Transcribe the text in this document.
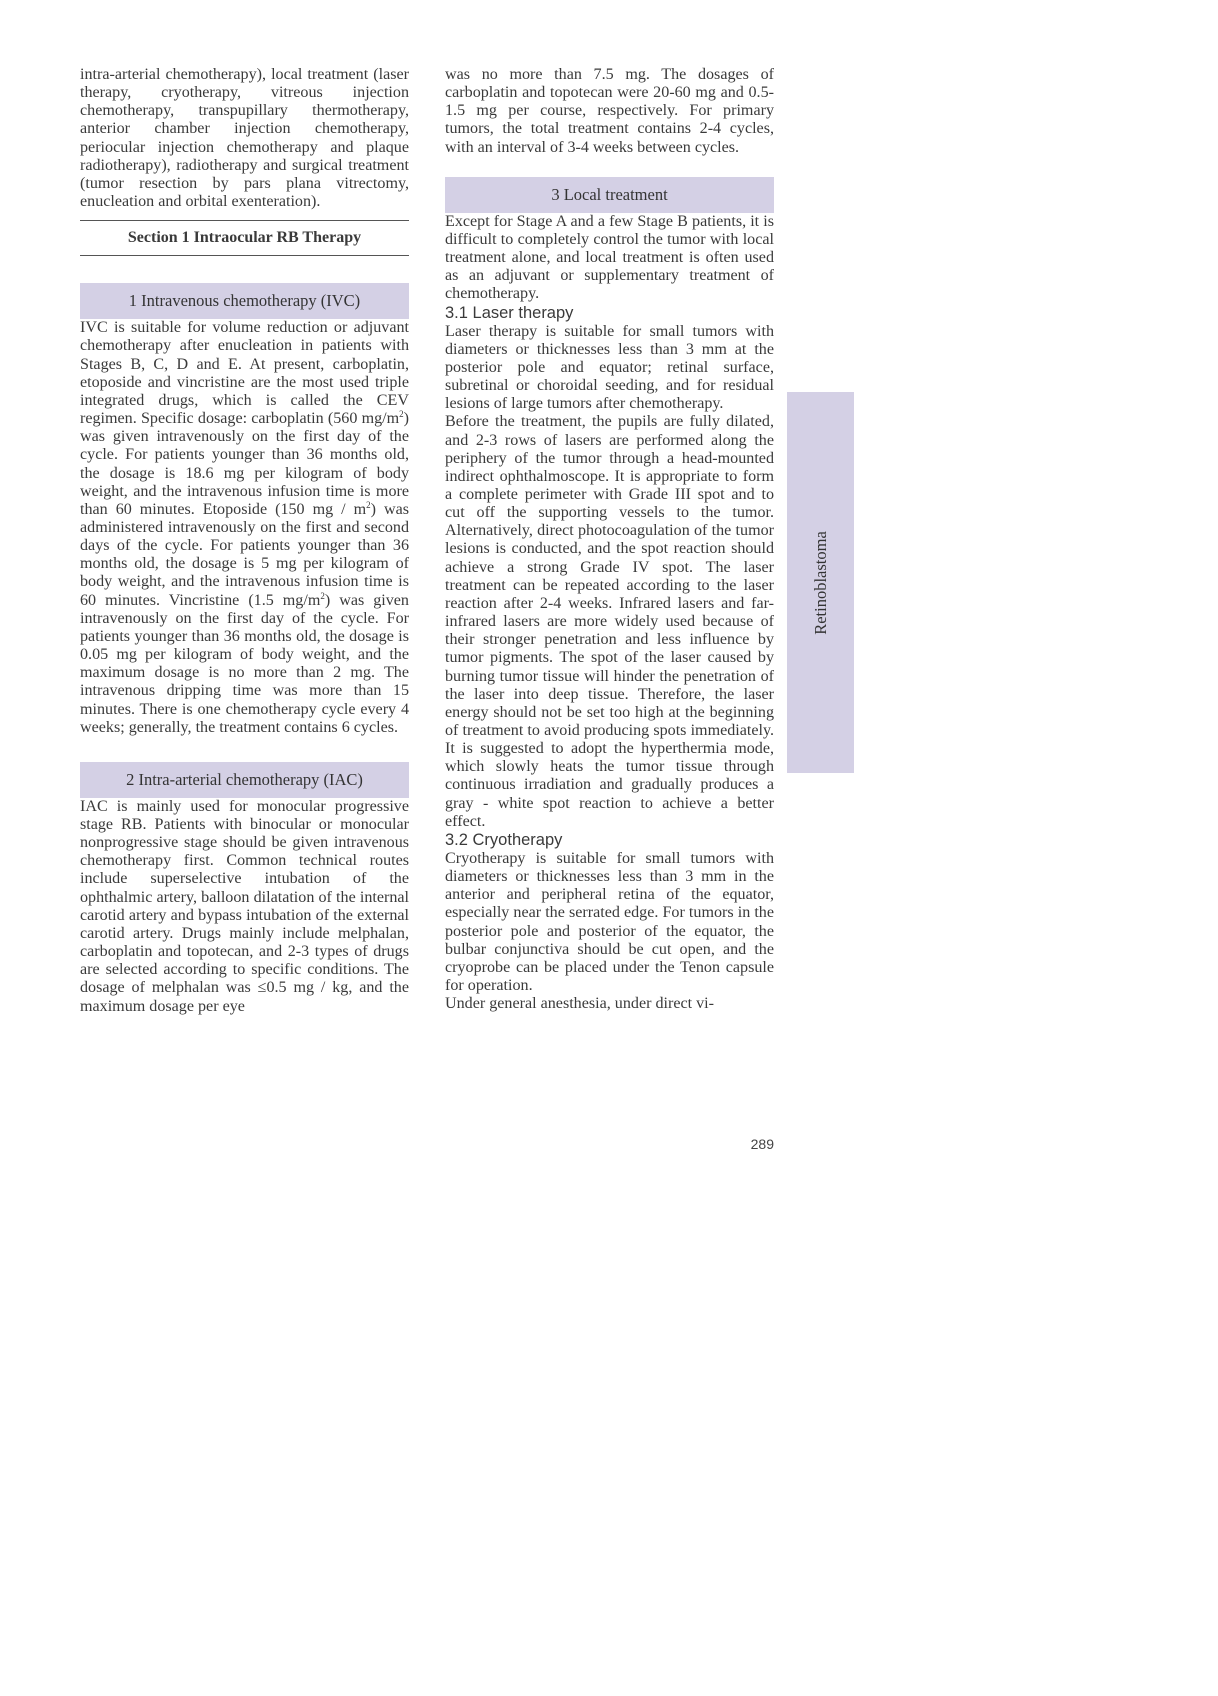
intra-arterial chemotherapy), local treatment (laser therapy, cryotherapy, vitreous injection chemotherapy, transpupillary thermotherapy, anterior chamber injection chemotherapy, periocular injection chemotherapy and plaque radiotherapy), radiotherapy and surgical treatment (tumor resection by pars plana vitrectomy, enucleation and orbital exenteration).

Section 1 Intraocular RB Therapy
1 Intravenous chemotherapy (IVC)

IVC is suitable for volume reduction or adjuvant chemotherapy after enucleation in patients with Stages B, C, D and E. At present, carboplatin, etoposide and vincristine are the most used triple integrated drugs, which is called the CEV regimen. Specific dosage: carboplatin (560 $mg/m^2$) was given intravenously on the first day of the cycle. For patients younger than 36 months old, the dosage is 18.6 mg per kilogram of body weight, and the intravenous infusion time is more than 60 minutes. Etoposide (150 mg / $m^2$) was administered intravenously on the first and second days of the cycle. For patients younger than 36 months old, the dosage is 5 mg per kilogram of body weight, and the intravenous infusion time is 60 minutes. Vincristine (1.5 $mg/m^2$) was given intravenously on the first day of the cycle. For patients younger than 36 months old, the dosage is 0.05 mg per kilogram of body weight, and the maximum dosage is no more than 2 mg. The intravenous dripping time was more than 15 minutes. There is one chemotherapy cycle every 4 weeks; generally, the treatment contains 6 cycles.

2 Intra-arterial chemotherapy (IAC)

IAC is mainly used for monocular progressive stage RB. Patients with binocular or monocular nonprogressive stage should be given intravenous chemotherapy first. Common technical routes include superselective intubation of the ophthalmic artery, balloon dilatation of the internal carotid artery and bypass intubation of the external carotid artery. Drugs mainly include melphalan, carboplatin and topotecan, and 2-3 types of drugs are selected according to specific conditions. The dosage of melphalan was ≤0.5 mg / kg, and the maximum dosage per eye

was no more than 7.5 mg. The dosages of carboplatin and topotecan were 20-60 mg and 0.5-1.5 mg per course, respectively. For primary tumors, the total treatment contains 2-4 cycles, with an interval of 3-4 weeks between cycles.

3 Local treatment

Except for Stage A and a few Stage B patients, it is difficult to completely control the tumor with local treatment alone, and local treatment is often used as an adjuvant or supplementary treatment of chemotherapy.

3.1 Laser therapy

Laser therapy is suitable for small tumors with diameters or thicknesses less than 3 mm at the posterior pole and equator; retinal surface, subretinal or choroidal seeding, and for residual lesions of large tumors after chemotherapy.

Before the treatment, the pupils are fully dilated, and 2-3 rows of lasers are performed along the periphery of the tumor through a head-mounted indirect ophthalmoscope. It is appropriate to form a complete perimeter with Grade III spot and to cut off the supporting vessels to the tumor. Alternatively, direct photocoagulation of the tumor lesions is conducted, and the spot reaction should achieve a strong Grade IV spot. The laser treatment can be repeated according to the laser reaction after 2-4 weeks. Infrared lasers and far-infrared lasers are more widely used because of their stronger penetration and less influence by tumor pigments. The spot of the laser caused by burning tumor tissue will hinder the penetration of the laser into deep tissue. Therefore, the laser energy should not be set too high at the beginning of treatment to avoid producing spots immediately. It is suggested to adopt the hyperthermia mode, which slowly heats the tumor tissue through continuous irradiation and gradually produces a gray - white spot reaction to achieve a better effect.

3.2 Cryotherapy

Cryotherapy is suitable for small tumors with diameters or thicknesses less than 3 mm in the anterior and peripheral retina of the equator, especially near the serrated edge. For tumors in the posterior pole and posterior of the equator, the bulbar conjunctiva should be cut open, and the cryoprobe can be placed under the Tenon capsule for operation.

Under general anesthesia, under direct vi-

Retinoblastoma
289
